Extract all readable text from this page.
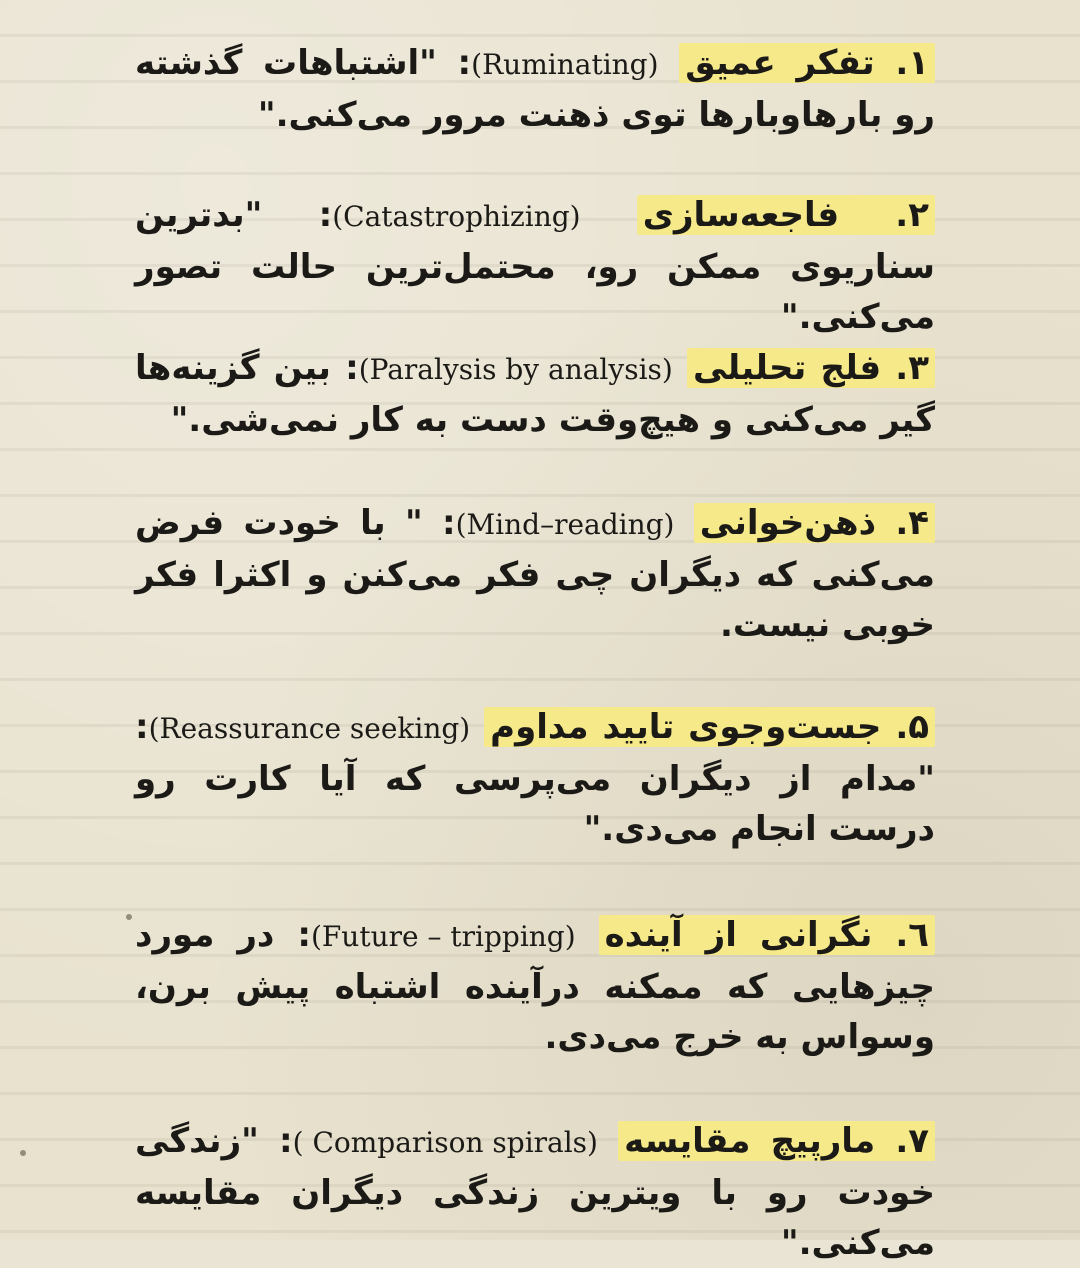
۱. تفکر عمیق (Ruminating): "اشتباهات گذشته رو بارهاوبارها توی ذهنت مرور می‌کنی."
۲. فاجعه‌سازی (Catastrophizing): "بدترین سناریوی ممکن رو، محتمل‌ترین حالت تصور می‌کنی."
۳. فلج تحلیلی (Paralysis by analysis): بین گزینه‌ها گیر می‌کنی و هیچ‌وقت دست به کار نمی‌شی."
۴. ذهن‌خوانی (Mind–reading): " با خودت فرض می‌کنی که دیگران چی فکر می‌کنن و اکثرا فکر خوبی نیست.
۵. جست‌وجوی تایید مداوم (Reassurance seeking): "مدام از دیگران می‌پرسی که آیا کارت رو درست انجام می‌دی."
٦. نگرانی از آینده (Future – tripping): در مورد چیزهایی که ممکنه درآینده اشتباه پیش برن، وسواس به خرج می‌دی.
۷. مارپیچ مقایسه ( Comparison spirals): "زندگی خودت رو با ویترین زندگی دیگران مقایسه می‌کنی."
